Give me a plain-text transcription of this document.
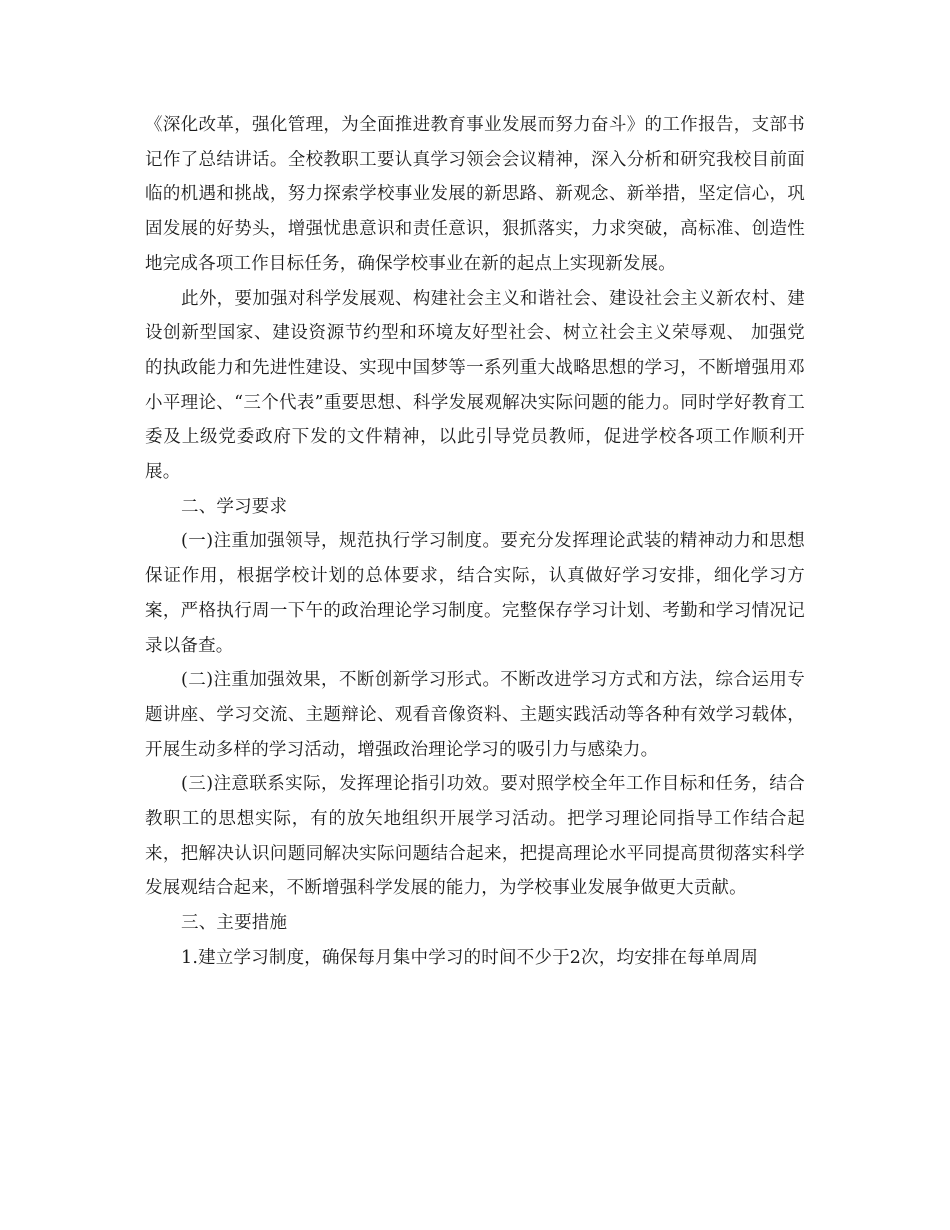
《深化改革，强化管理，为全面推进教育事业发展而努力奋斗》的工作报告，支部书记作了总结讲话。全校教职工要认真学习领会会议精神，深入分析和研究我校目前面临的机遇和挑战，努力探索学校事业发展的新思路、新观念、新举措，坚定信心，巩固发展的好势头，增强忧患意识和责任意识，狠抓落实，力求突破，高标准、创造性地完成各项工作目标任务，确保学校事业在新的起点上实现新发展。

此外，要加强对科学发展观、构建社会主义和谐社会、建设社会主义新农村、建设创新型国家、建设资源节约型和环境友好型社会、树立社会主义荣辱观、 加强党的执政能力和先进性建设、实现中国梦等一系列重大战略思想的学习，不断增强用邓小平理论、“三个代表”重要思想、科学发展观解决实际问题的能力。同时学好教育工委及上级党委政府下发的文件精神，以此引导党员教师，促进学校各项工作顺利开展。

二、学习要求

(一)注重加强领导，规范执行学习制度。要充分发挥理论武装的精神动力和思想保证作用，根据学校计划的总体要求，结合实际，认真做好学习安排，细化学习方案，严格执行周一下午的政治理论学习制度。完整保存学习计划、考勤和学习情况记录以备查。

(二)注重加强效果，不断创新学习形式。不断改进学习方式和方法，综合运用专题讲座、学习交流、主题辩论、观看音像资料、主题实践活动等各种有效学习载体，开展生动多样的学习活动，增强政治理论学习的吸引力与感染力。

(三)注意联系实际，发挥理论指引功效。要对照学校全年工作目标和任务，结合教职工的思想实际，有的放矢地组织开展学习活动。把学习理论同指导工作结合起来，把解决认识问题同解决实际问题结合起来，把提高理论水平同提高贯彻落实科学发展观结合起来，不断增强科学发展的能力，为学校事业发展争做更大贡献。

三、主要措施

1.建立学习制度，确保每月集中学习的时间不少于2次，均安排在每单周周
